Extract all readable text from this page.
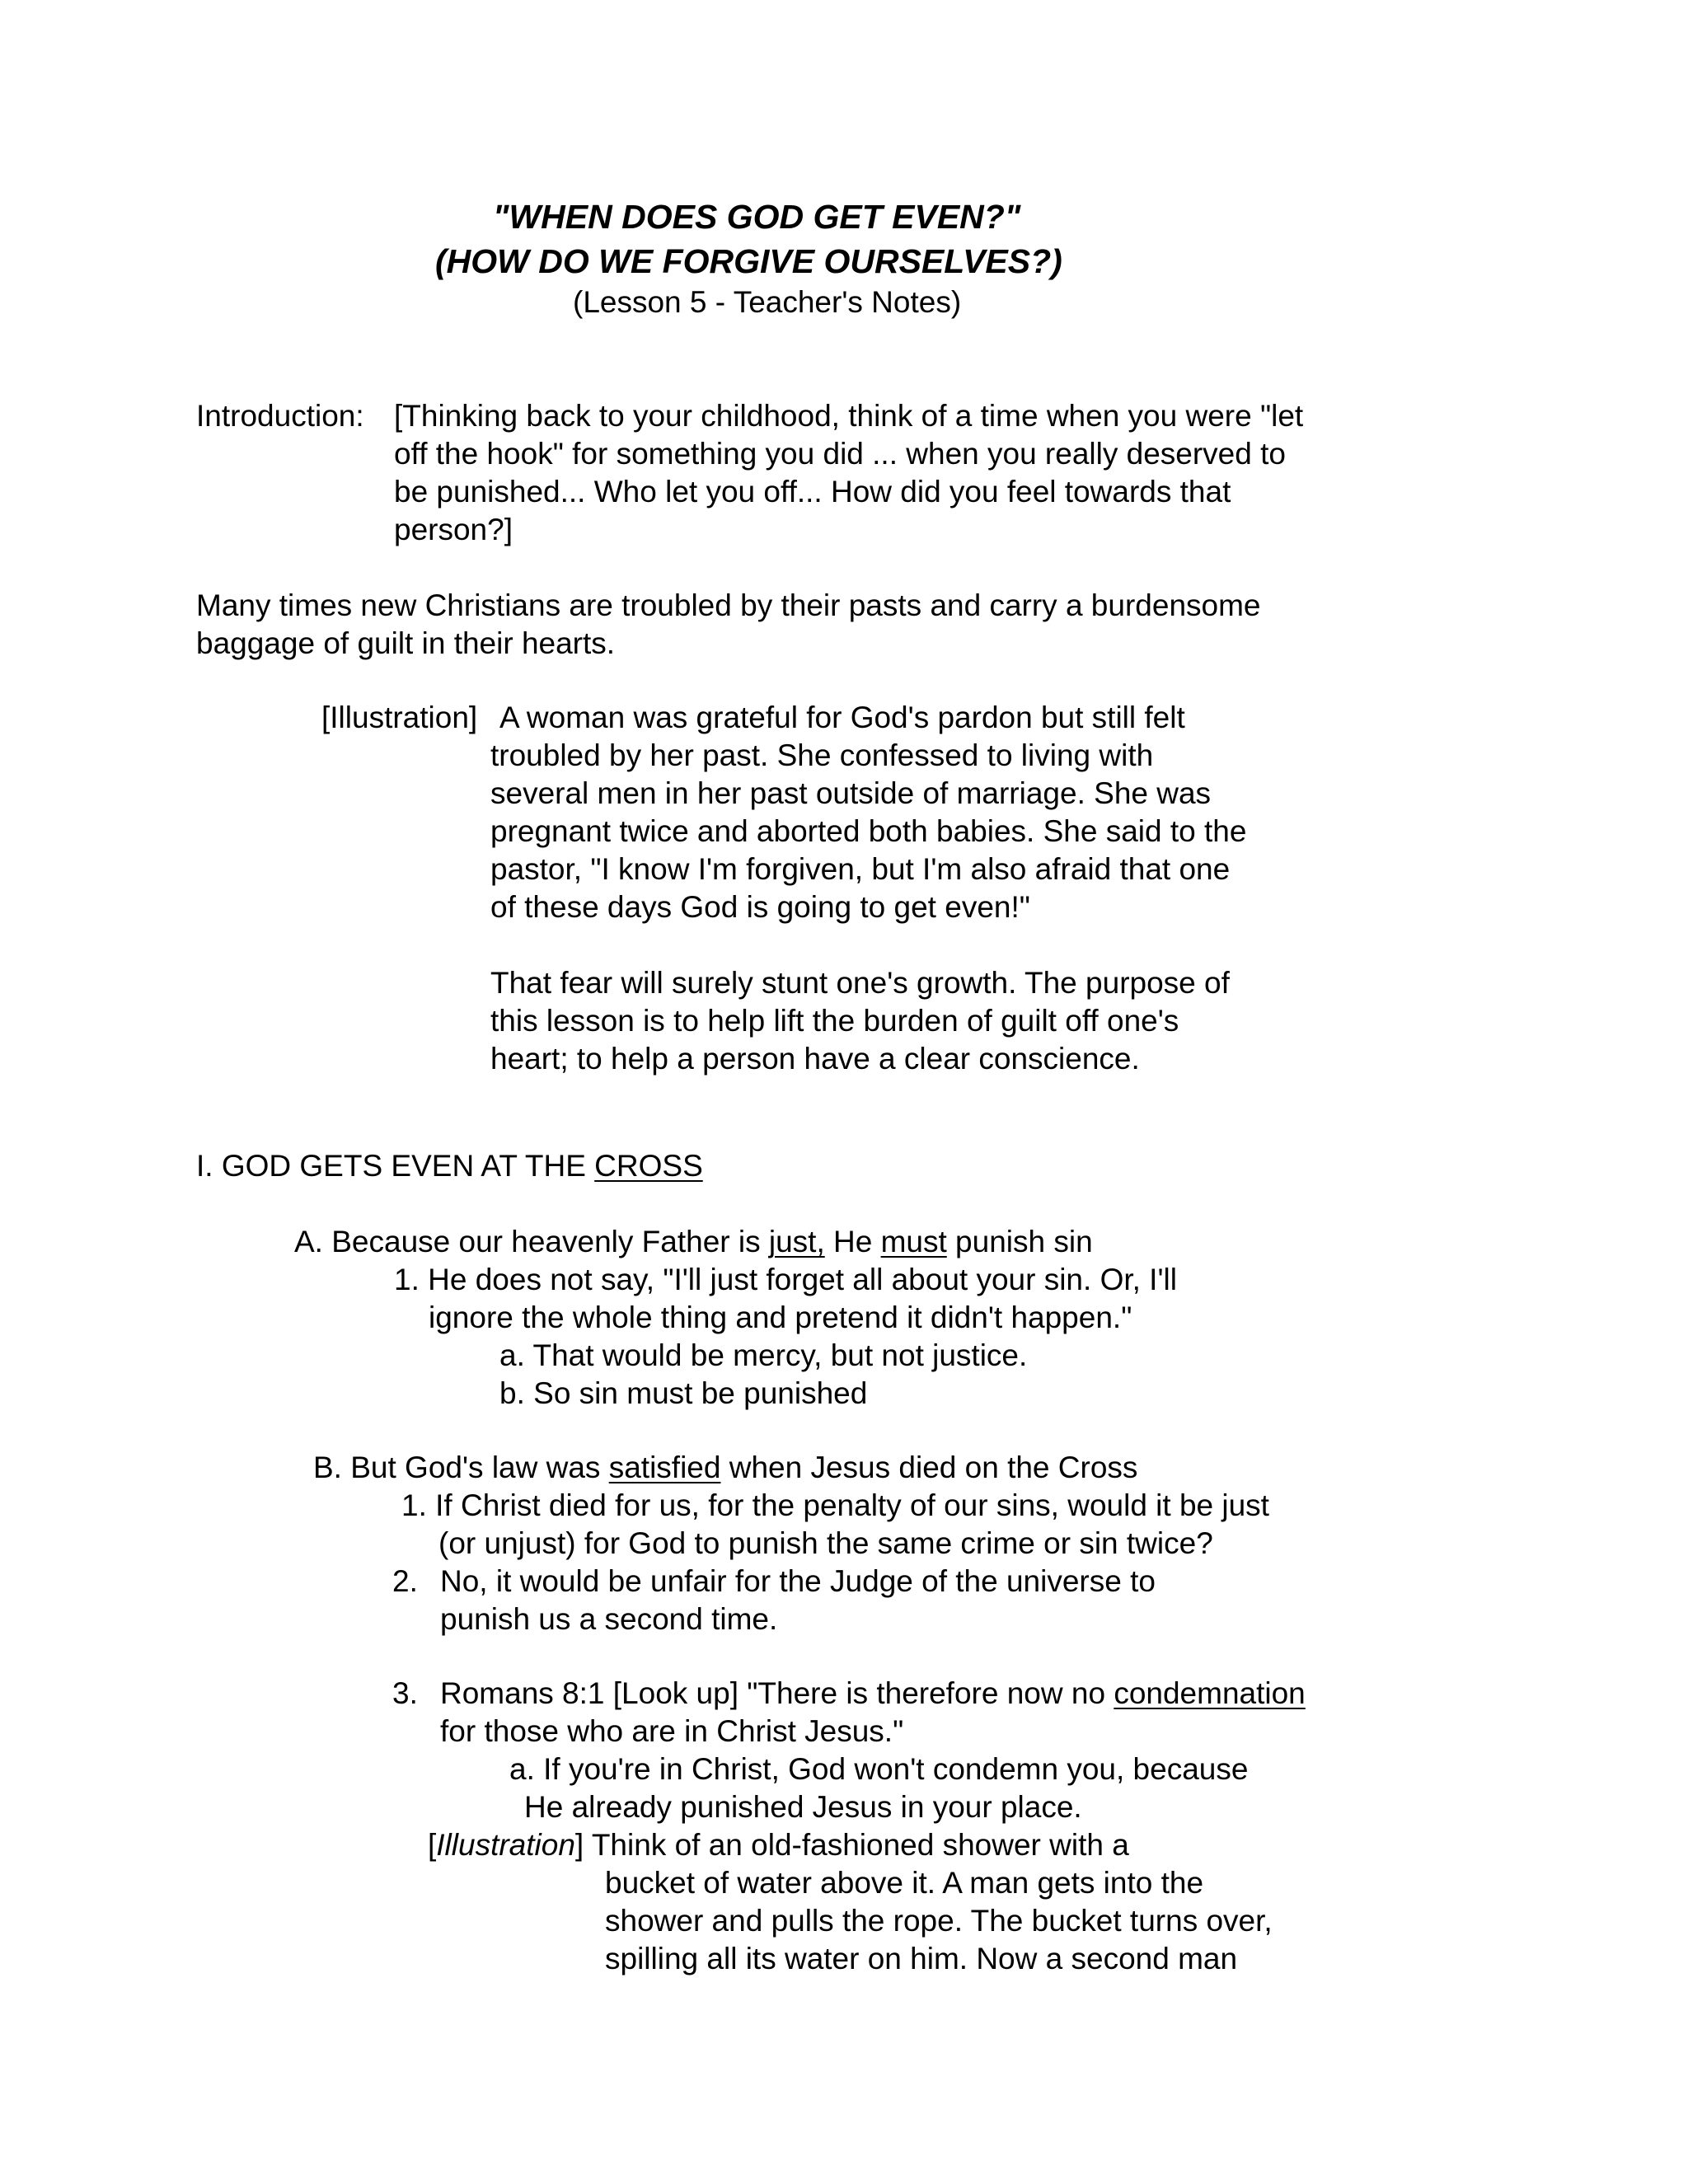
"WHEN DOES GOD GET EVEN?"
(HOW DO WE FORGIVE OURSELVES?)
(Lesson 5 - Teacher's Notes)
Introduction: [Thinking back to your childhood, think of a time when you were "let
off the hook" for something you did ... when you really deserved to
be punished... Who let you off... How did you feel towards that
person?]
Many times new Christians are troubled by their pasts and carry a burdensome
baggage of guilt in their hearts.
[Illustration] A woman was grateful for God's pardon but still felt
troubled by her past. She confessed to living with
several men in her past outside of marriage. She was
pregnant twice and aborted both babies. She said to the
pastor, "I know I'm forgiven, but I'm also afraid that one
of these days God is going to get even!"
That fear will surely stunt one's growth. The purpose of
this lesson is to help lift the burden of guilt off one's
heart; to help a person have a clear conscience.
I. GOD GETS EVEN AT THE CROSS
A. Because our heavenly Father is just, He must punish sin
1. He does not say, "I'll just forget all about your sin. Or, I'll
ignore the whole thing and pretend it didn't happen."
a. That would be mercy, but not justice.
b. So sin must be punished
B. But God's law was satisfied when Jesus died on the Cross
1. If Christ died for us, for the penalty of our sins, would it be just
(or unjust) for God to punish the same crime or sin twice?
2. No, it would be unfair for the Judge of the universe to
punish us a second time.
3. Romans 8:1 [Look up] "There is therefore now no condemnation
for those who are in Christ Jesus."
a. If you're in Christ, God won't condemn you, because
He already punished Jesus in your place.
[Illustration] Think of an old-fashioned shower with a
bucket of water above it. A man gets into the
shower and pulls the rope. The bucket turns over,
spilling all its water on him. Now a second man
